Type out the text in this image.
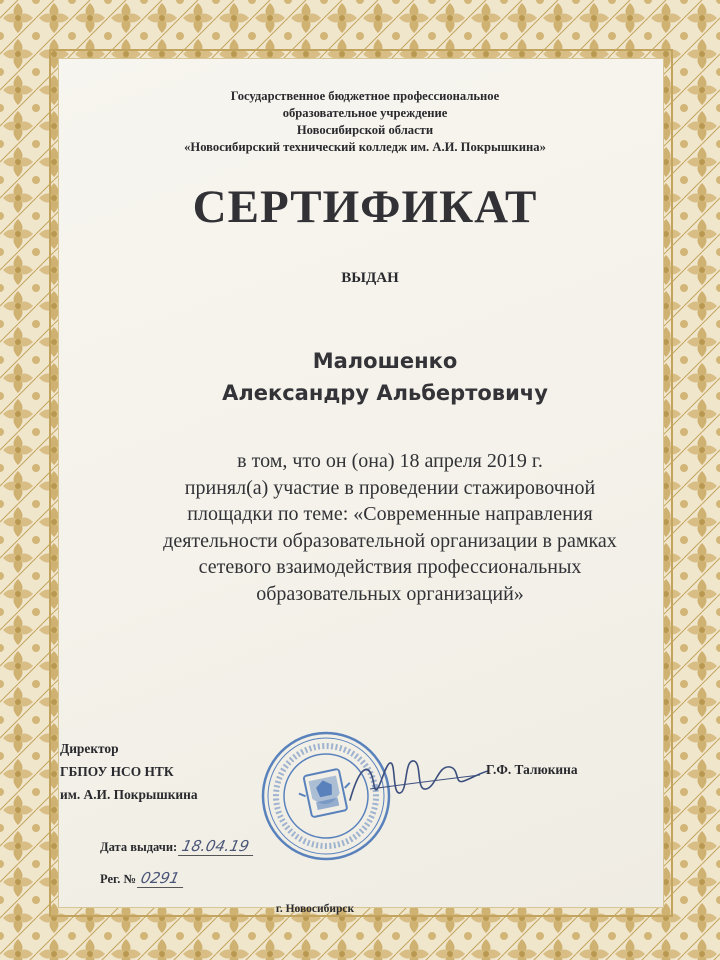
Государственное бюджетное профессиональное
образовательное учреждение
Новосибирской области
«Новосибирский технический колледж им. А.И. Покрышкина»
СЕРТИФИКАТ
ВЫДАН
Малошенко
Александру Альбертовичу
в том, что он (она) 18 апреля 2019 г.
принял(а) участие в проведении стажировочной
площадки по теме: «Современные направления
деятельности образовательной организации в рамках
сетевого взаимодействия профессиональных
образовательных организаций»
Директор
ГБПОУ НСО НТК
им. А.И. Покрышкина
Г.Ф. Талюкина
Дата выдачи: 18.04.19
Рег. № 0291
г. Новосибирск
